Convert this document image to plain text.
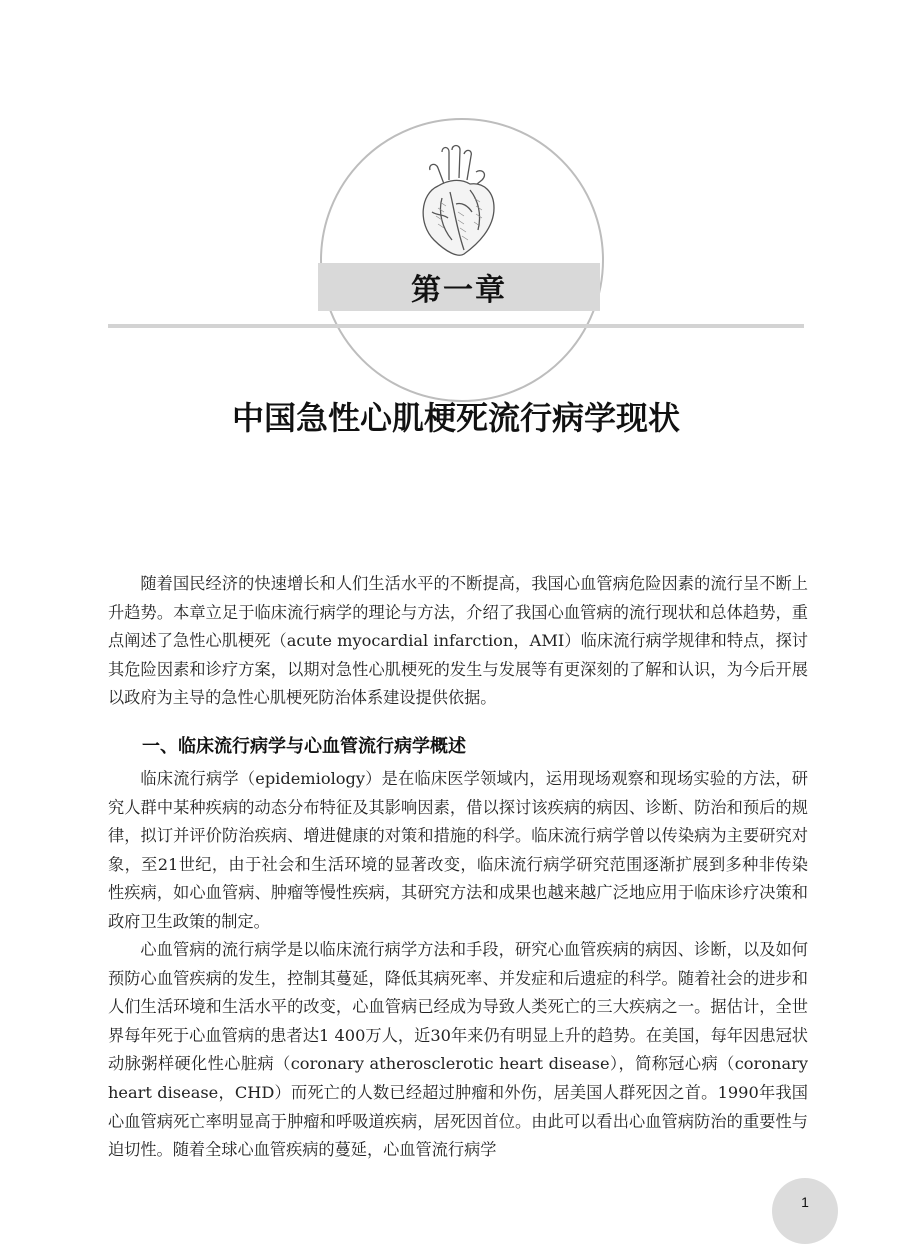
第一章
中国急性心肌梗死流行病学现状

随着国民经济的快速增长和人们生活水平的不断提高，我国心血管病危险因素的流行呈不断上升趋势。本章立足于临床流行病学的理论与方法，介绍了我国心血管病的流行现状和总体趋势，重点阐述了急性心肌梗死（acute myocardial infarction，AMI）临床流行病学规律和特点，探讨其危险因素和诊疗方案，以期对急性心肌梗死的发生与发展等有更深刻的了解和认识，为今后开展以政府为主导的急性心肌梗死防治体系建设提供依据。

一、临床流行病学与心血管流行病学概述

临床流行病学（epidemiology）是在临床医学领域内，运用现场观察和现场实验的方法，研究人群中某种疾病的动态分布特征及其影响因素，借以探讨该疾病的病因、诊断、防治和预后的规律，拟订并评价防治疾病、增进健康的对策和措施的科学。临床流行病学曾以传染病为主要研究对象，至21世纪，由于社会和生活环境的显著改变，临床流行病学研究范围逐渐扩展到多种非传染性疾病，如心血管病、肿瘤等慢性疾病，其研究方法和成果也越来越广泛地应用于临床诊疗决策和政府卫生政策的制定。

心血管病的流行病学是以临床流行病学方法和手段，研究心血管疾病的病因、诊断，以及如何预防心血管疾病的发生，控制其蔓延，降低其病死率、并发症和后遗症的科学。随着社会的进步和人们生活环境和生活水平的改变，心血管病已经成为导致人类死亡的三大疾病之一。据估计，全世界每年死于心血管病的患者达1 400万人，近30年来仍有明显上升的趋势。在美国，每年因患冠状动脉粥样硬化性心脏病（coronary atherosclerotic heart disease），简称冠心病（coronary heart disease，CHD）而死亡的人数已经超过肿瘤和外伤，居美国人群死因之首。1990年我国心血管病死亡率明显高于肿瘤和呼吸道疾病，居死因首位。由此可以看出心血管病防治的重要性与迫切性。随着全球心血管疾病的蔓延，心血管流行病学

1
